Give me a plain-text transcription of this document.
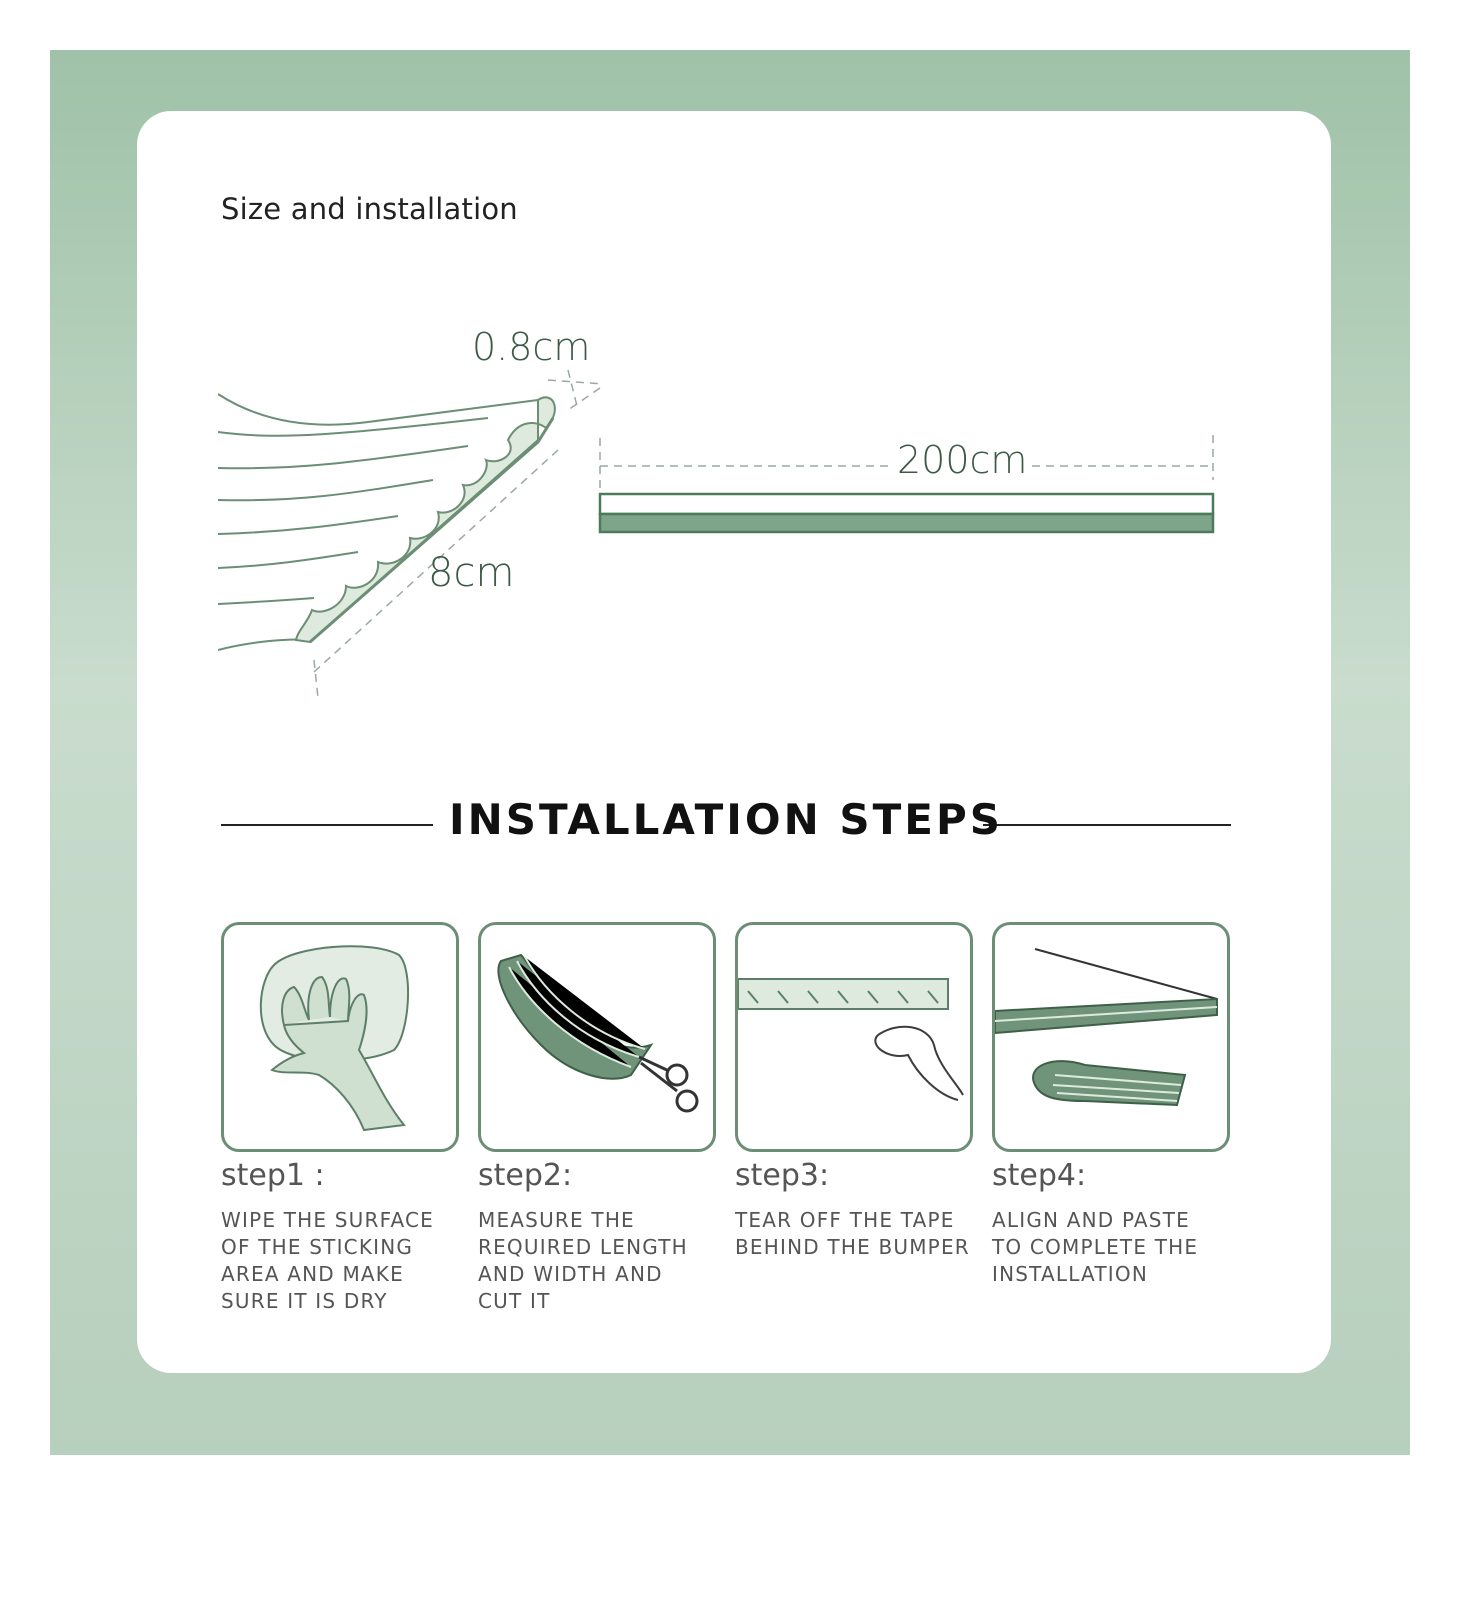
Size and installation
0.8cm
8cm
200cm
INSTALLATION STEPS
step1 :
WIPE THE SURFACE
OF THE STICKING
AREA AND MAKE
SURE IT IS DRY
step2:
MEASURE THE
REQUIRED LENGTH
AND WIDTH AND
CUT IT
step3:
TEAR OFF THE TAPE
BEHIND THE BUMPER
step4:
ALIGN AND PASTE
TO COMPLETE THE
INSTALLATION
